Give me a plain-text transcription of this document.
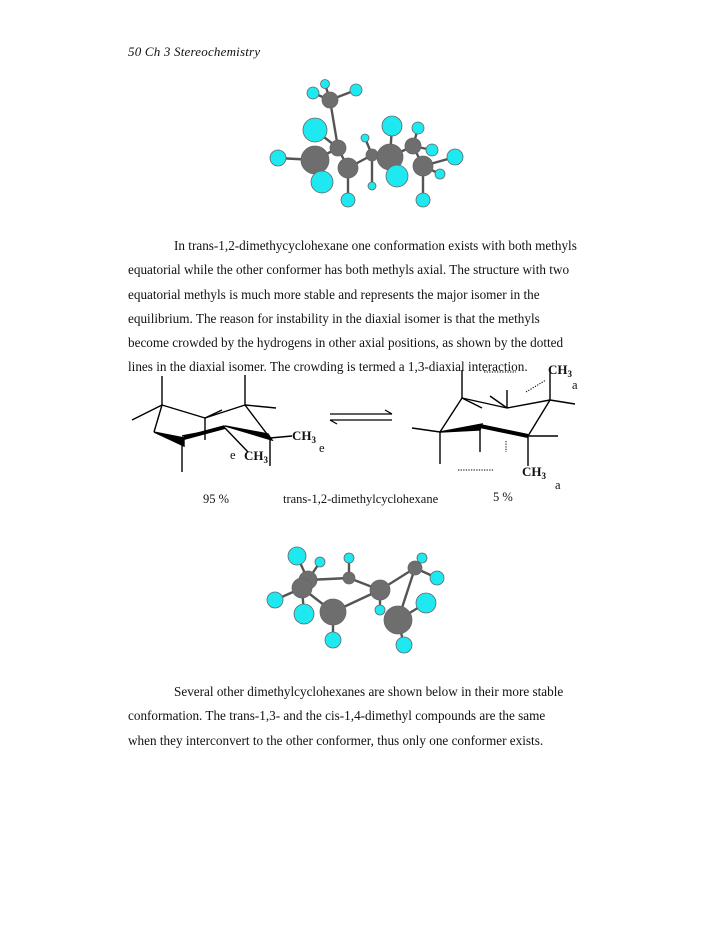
50 Ch 3 Stereochemistry

In trans-1,2-dimethycyclohexane one conformation exists with both methyls

equatorial while the other conformer has both methyls axial. The structure with two

equatorial methyls is much more stable and represents the major isomer in the

equilibrium. The reason for instability in the diaxial isomer is that the methyls

become crowded by the hydrogens in other axial positions, as shown by the dotted

lines in the diaxial isomer. The crowding is termed a 1,3-diaxial interaction.

$CH_3$
e
e $CH_3$
$CH_3$
a
$CH_3$
a
95 %	trans-1,2-dimethylcyclohexane	5 %

Several other dimethylcyclohexanes are shown below in their more stable

conformation. The trans-1,3- and the cis-1,4-dimethyl compounds are the same

when they interconvert to the other conformer, thus only one conformer exists.
